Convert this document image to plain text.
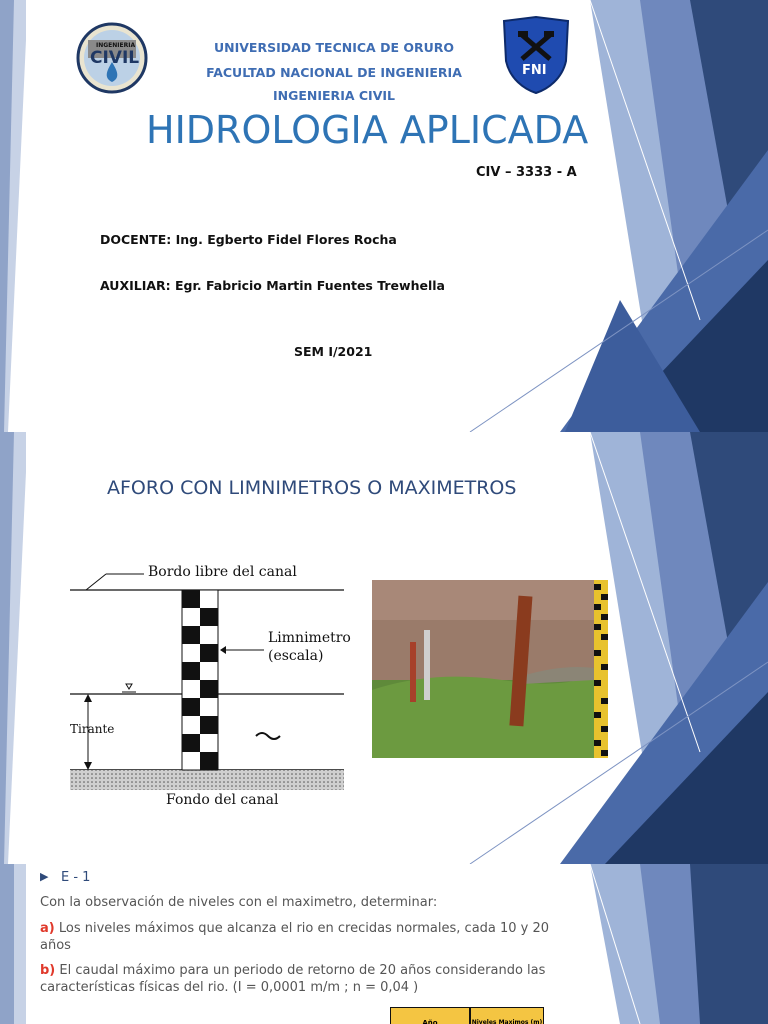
INGENIERIA
CIVIL
FNI
UNIVERSIDAD TECNICA DE ORURO
FACULTAD NACIONAL DE INGENIERIA
INGENIERIA CIVIL
HIDROLOGIA APLICADA
CIV – 3333 - A
DOCENTE: Ing. Egberto Fidel Flores Rocha
AUXILIAR: Egr. Fabricio Martin Fuentes Trewhella
SEM I/2021
AFORO CON LIMNIMETROS O MAXIMETROS
Bordo libre del canal
Limnimetro
(escala)
Tirante
Fondo del canal
▶ E - 1
Con la observación de niveles con el maximetro, determinar:
a) Los niveles máximos que alcanza el rio en crecidas normales, cada 10 y 20 años
b) El caudal máximo para un periodo de retorno de 20 años considerando las características físicas del rio. (I = 0,0001 m/m ; n = 0,04 )
Año	Niveles Maximos (m)
